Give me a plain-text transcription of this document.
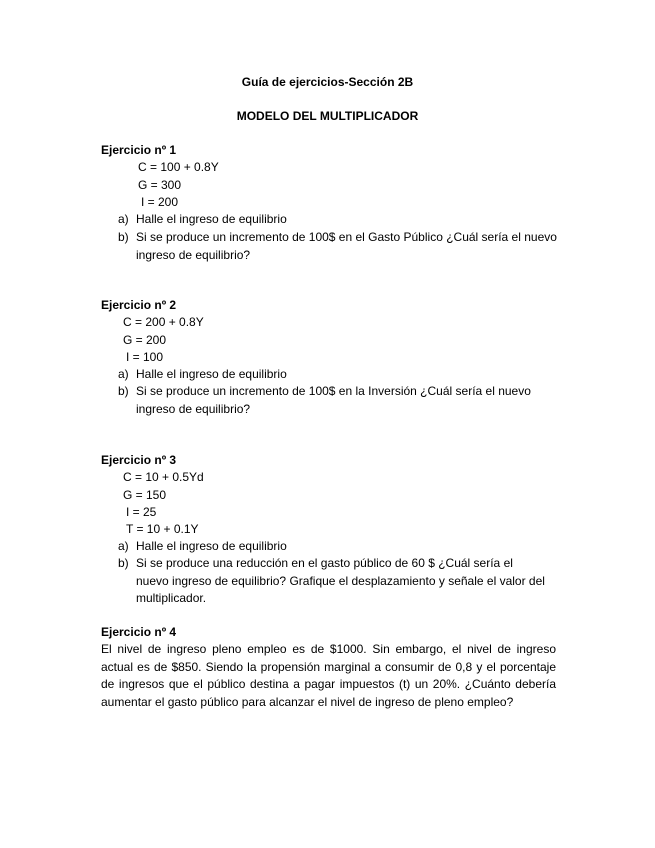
Guía de ejercicios-Sección 2B
MODELO DEL MULTIPLICADOR
Ejercicio nº 1
C = 100 + 0.8Y
G = 300
I = 200
a) Halle el ingreso de equilibrio
b) Si se produce un incremento de 100$ en el Gasto Público ¿Cuál sería el nuevo ingreso de equilibrio?
Ejercicio nº 2
C = 200 + 0.8Y
G = 200
I = 100
a) Halle el ingreso de equilibrio
b) Si se produce un incremento de 100$ en la Inversión ¿Cuál sería el nuevo ingreso de equilibrio?
Ejercicio nº 3
C = 10 + 0.5Yd
G = 150
I = 25
T = 10 + 0.1Y
a) Halle el ingreso de equilibrio
b) Si se produce una reducción en el gasto público de 60 $ ¿Cuál sería el nuevo ingreso de equilibrio? Grafique el desplazamiento y señale el valor del multiplicador.
Ejercicio nº 4
El nivel de ingreso pleno empleo es de $1000. Sin embargo, el nivel de ingreso actual es de $850. Siendo la propensión marginal a consumir de 0,8 y el porcentaje de ingresos que el público destina a pagar impuestos (t) un 20%. ¿Cuánto debería aumentar el gasto público para alcanzar el nivel de ingreso de pleno empleo?
